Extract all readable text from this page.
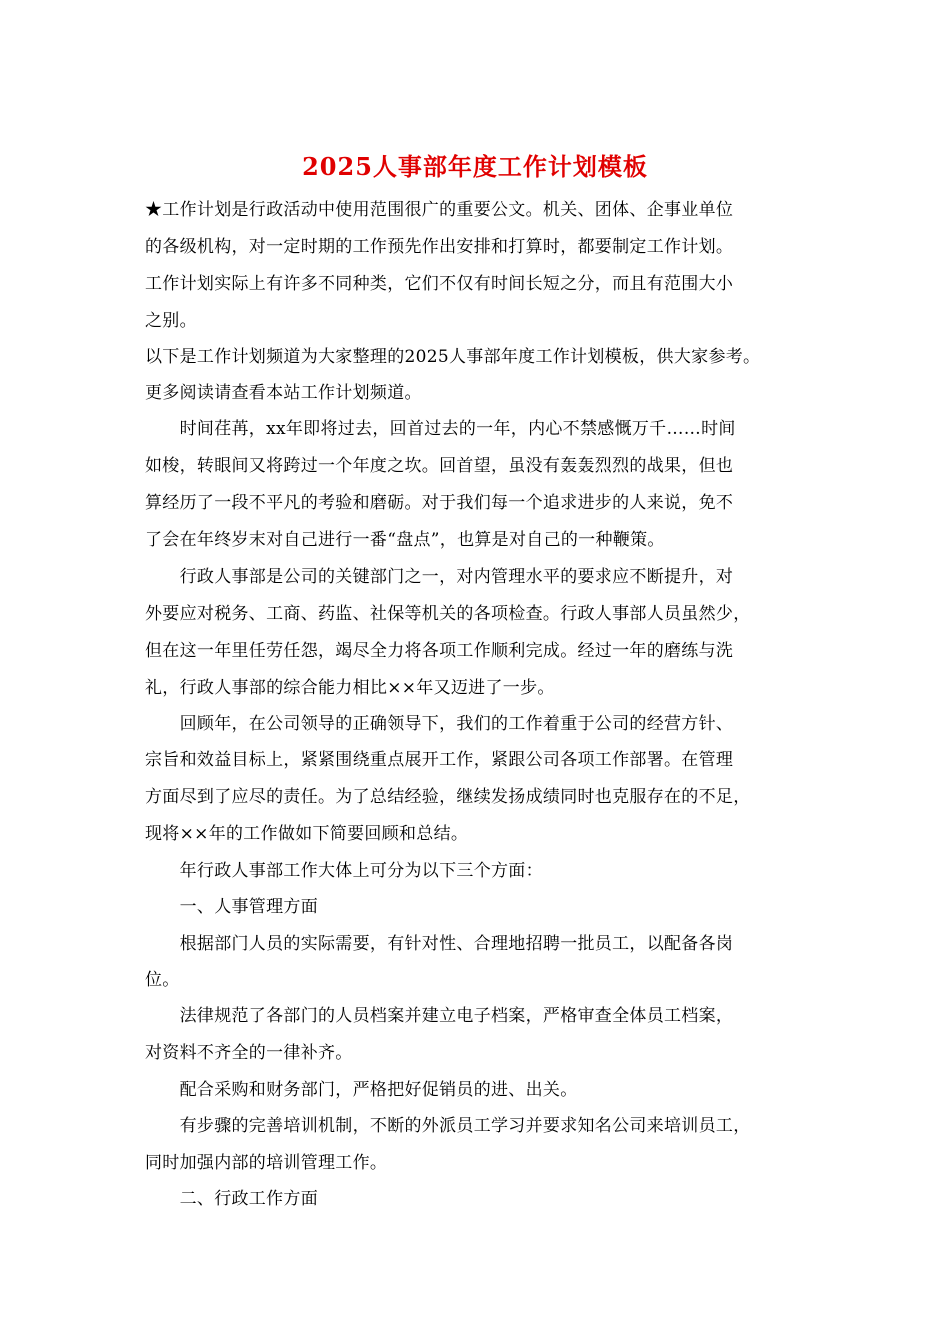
2025人事部年度工作计划模板
★工作计划是行政活动中使用范围很广的重要公文。机关、团体、企事业单位
的各级机构，对一定时期的工作预先作出安排和打算时，都要制定工作计划。
工作计划实际上有许多不同种类，它们不仅有时间长短之分，而且有范围大小
之别。
以下是工作计划频道为大家整理的2025人事部年度工作计划模板，供大家参考。
更多阅读请查看本站工作计划频道。
　　时间荏苒，xx年即将过去，回首过去的一年，内心不禁感慨万千……时间
如梭，转眼间又将跨过一个年度之坎。回首望，虽没有轰轰烈烈的战果，但也
算经历了一段不平凡的考验和磨砺。对于我们每一个追求进步的人来说，免不
了会在年终岁末对自己进行一番“盘点”，也算是对自己的一种鞭策。
　　行政人事部是公司的关键部门之一，对内管理水平的要求应不断提升，对
外要应对税务、工商、药监、社保等机关的各项检查。行政人事部人员虽然少，
但在这一年里任劳任怨，竭尽全力将各项工作顺利完成。经过一年的磨练与洗
礼，行政人事部的综合能力相比××年又迈进了一步。
　　回顾年，在公司领导的正确领导下，我们的工作着重于公司的经营方针、
宗旨和效益目标上，紧紧围绕重点展开工作，紧跟公司各项工作部署。在管理
方面尽到了应尽的责任。为了总结经验，继续发扬成绩同时也克服存在的不足，
现将××年的工作做如下简要回顾和总结。
　　年行政人事部工作大体上可分为以下三个方面：
　　一、人事管理方面
　　根据部门人员的实际需要，有针对性、合理地招聘一批员工，以配备各岗
位。
　　法律规范了各部门的人员档案并建立电子档案，严格审查全体员工档案，
对资料不齐全的一律补齐。
　　配合采购和财务部门，严格把好促销员的进、出关。
　　有步骤的完善培训机制，不断的外派员工学习并要求知名公司来培训员工，
同时加强内部的培训管理工作。
　　二、行政工作方面
